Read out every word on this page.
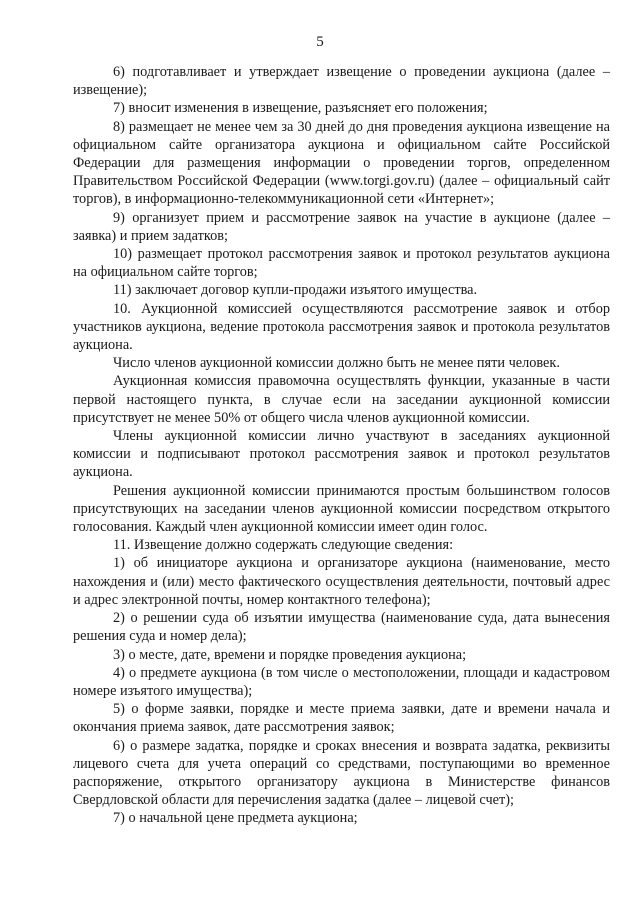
5

6) подготавливает и утверждает извещение о проведении аукциона (далее – извещение);

7) вносит изменения в извещение, разъясняет его положения;

8) размещает не менее чем за 30 дней до дня проведения аукциона извещение на официальном сайте организатора аукциона и официальном сайте Российской Федерации для размещения информации о проведении торгов, определенном Правительством Российской Федерации (www.torgi.gov.ru) (далее – официальный сайт торгов), в информационно-телекоммуникационной сети «Интернет»;

9) организует прием и рассмотрение заявок на участие в аукционе (далее – заявка) и прием задатков;

10) размещает протокол рассмотрения заявок и протокол результатов аукциона на официальном сайте торгов;

11) заключает договор купли-продажи изъятого имущества.

10. Аукционной комиссией осуществляются рассмотрение заявок и отбор участников аукциона, ведение протокола рассмотрения заявок и протокола результатов аукциона.

Число членов аукционной комиссии должно быть не менее пяти человек.

Аукционная комиссия правомочна осуществлять функции, указанные в части первой настоящего пункта, в случае если на заседании аукционной комиссии присутствует не менее 50% от общего числа членов аукционной комиссии.

Члены аукционной комиссии лично участвуют в заседаниях аукционной комиссии и подписывают протокол рассмотрения заявок и протокол результатов аукциона.

Решения аукционной комиссии принимаются простым большинством голосов присутствующих на заседании членов аукционной комиссии посредством открытого голосования. Каждый член аукционной комиссии имеет один голос.

11. Извещение должно содержать следующие сведения:

1) об инициаторе аукциона и организаторе аукциона (наименование, место нахождения и (или) место фактического осуществления деятельности, почтовый адрес и адрес электронной почты, номер контактного телефона);

2) о решении суда об изъятии имущества (наименование суда, дата вынесения решения суда и номер дела);

3) о месте, дате, времени и порядке проведения аукциона;

4) о предмете аукциона (в том числе о местоположении, площади и кадастровом номере изъятого имущества);

5) о форме заявки, порядке и месте приема заявки, дате и времени начала и окончания приема заявок, дате рассмотрения заявок;

6) о размере задатка, порядке и сроках внесения и возврата задатка, реквизиты лицевого счета для учета операций со средствами, поступающими во временное распоряжение, открытого организатору аукциона в Министерстве финансов Свердловской области для перечисления задатка (далее – лицевой счет);

7) о начальной цене предмета аукциона;
